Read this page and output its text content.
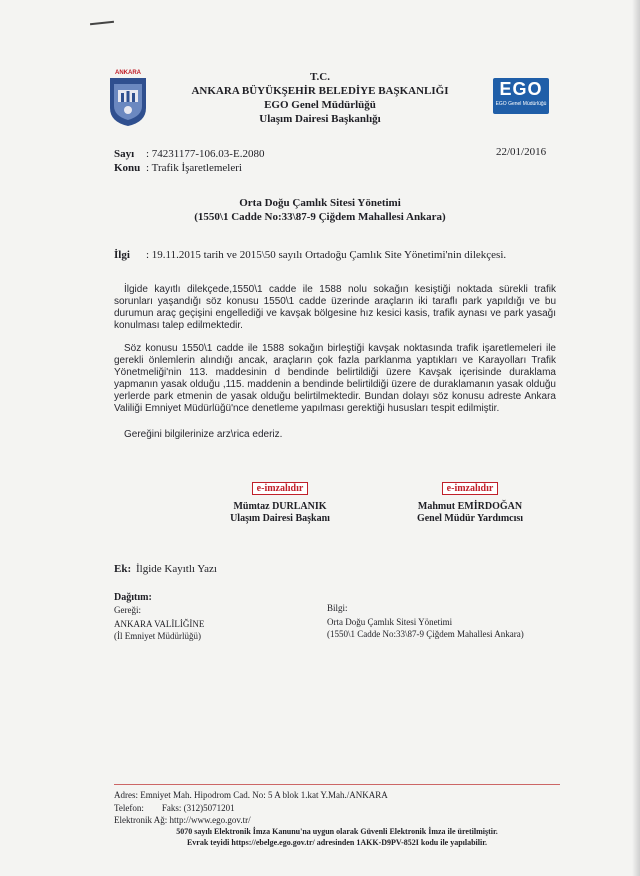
ANKARA
EGO
EGO Genel Müdürlüğü
T.C.
ANKARA BÜYÜKŞEHİR BELEDİYE BAŞKANLIĞI
EGO Genel Müdürlüğü
Ulaşım Dairesi Başkanlığı
Sayı : 74231177-106.03-E.2080	22/01/2016
Konu : Trafik İşaretlemeleri
Orta Doğu Çamlık Sitesi Yönetimi
(1550\1 Cadde No:33\87-9 Çiğdem Mahallesi Ankara)
İlgi : 19.11.2015 tarih ve 2015\50 sayılı Ortadoğu Çamlık Site Yönetimi'nin dilekçesi.
İlgide kayıtlı dilekçede,1550\1 cadde ile 1588 nolu sokağın kesiştiği noktada sürekli trafik sorunları yaşandığı söz konusu 1550\1 cadde üzerinde araçların iki taraflı park yapıldığı ve bu durumun araç geçişini engellediği ve kavşak bölgesine hız kesici kasis, trafik aynası ve park yasağı konulması talep edilmektedir.
Söz konusu 1550\1 cadde ile 1588 sokağın birleştiği kavşak noktasında trafik işaretlemeleri ile gerekli önlemlerin alındığı ancak, araçların çok fazla parklanma yaptıkları ve Karayolları Trafik Yönetmeliği'nin 113. maddesinin d bendinde belirtildiği üzere Kavşak içerisinde duraklama yapmanın yasak olduğu ,115. maddenin a bendinde belirtildiği üzere de duraklamanın yasak olduğu yerlerde park etmenin de yasak olduğu belirtilmektedir. Bundan dolayı söz konusu adreste Ankara Valiliği Emniyet Müdürlüğü'nce denetleme yapılması gerektiği hususları tespit edilmiştir.
Gereğini bilgilerinize arz\rica ederiz.
e-imzalıdır
Mümtaz DURLANIK
Ulaşım Dairesi Başkanı
e-imzalıdır
Mahmut EMİRDOĞAN
Genel Müdür Yardımcısı
Ek: İlgide Kayıtlı Yazı
Dağıtım:
Gereği:
ANKARA VALİLİĞİNE
(İl Emniyet Müdürlüğü)
Bilgi:
Orta Doğu Çamlık Sitesi Yönetimi
(1550\1 Cadde No:33\87-9 Çiğdem Mahallesi Ankara)
Adres: Emniyet Mah. Hipodrom Cad. No: 5 A blok 1.kat Y.Mah./ANKARA
Telefon:        Faks: (312)5071201
Elektronik Ağ: http://www.ego.gov.tr/
5070 sayılı Elektronik İmza Kanunu'na uygun olarak Güvenli Elektronik İmza ile üretilmiştir.
Evrak teyidi https://ebelge.ego.gov.tr/ adresinden 1AKK-D9PV-852I kodu ile yapılabilir.
